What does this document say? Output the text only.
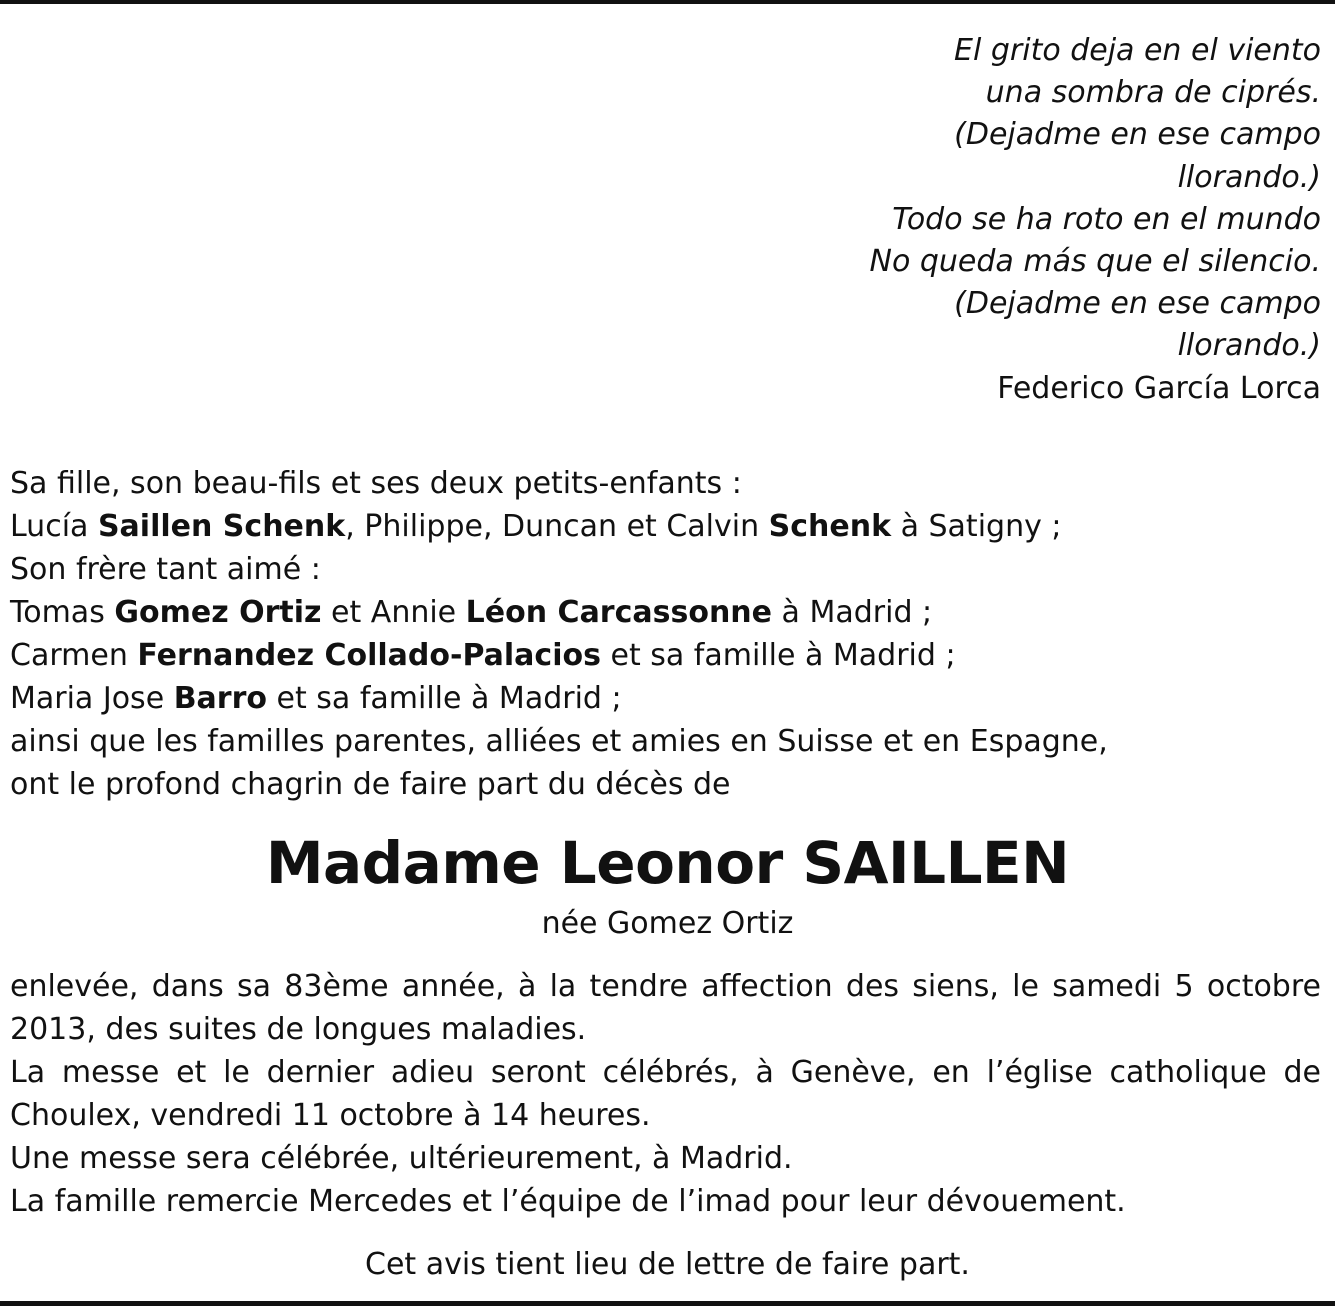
El grito deja en el viento
una sombra de ciprés.
(Dejadme en ese campo
llorando.)
Todo se ha roto en el mundo
No queda más que el silencio.
(Dejadme en ese campo
llorando.)
Federico García Lorca
Sa fille, son beau-fils et ses deux petits-enfants :
Lucía Saillen Schenk, Philippe, Duncan et Calvin Schenk à Satigny ;
Son frère tant aimé :
Tomas Gomez Ortiz et Annie Léon Carcassonne à Madrid ;
Carmen Fernandez Collado-Palacios et sa famille à Madrid ;
Maria Jose Barro et sa famille à Madrid ;
ainsi que les familles parentes, alliées et amies en Suisse et en Espagne,
ont le profond chagrin de faire part du décès de
Madame Leonor SAILLEN
née Gomez Ortiz

enlevée, dans sa 83ème année, à la tendre affection des siens, le samedi 5 octobre 2013, des suites de longues maladies.

La messe et le dernier adieu seront célébrés, à Genève, en l’église catholique de Choulex, vendredi 11 octobre à 14 heures.

Une messe sera célébrée, ultérieurement, à Madrid.

La famille remercie Mercedes et l’équipe de l’imad pour leur dévouement.

Cet avis tient lieu de lettre de faire part.
